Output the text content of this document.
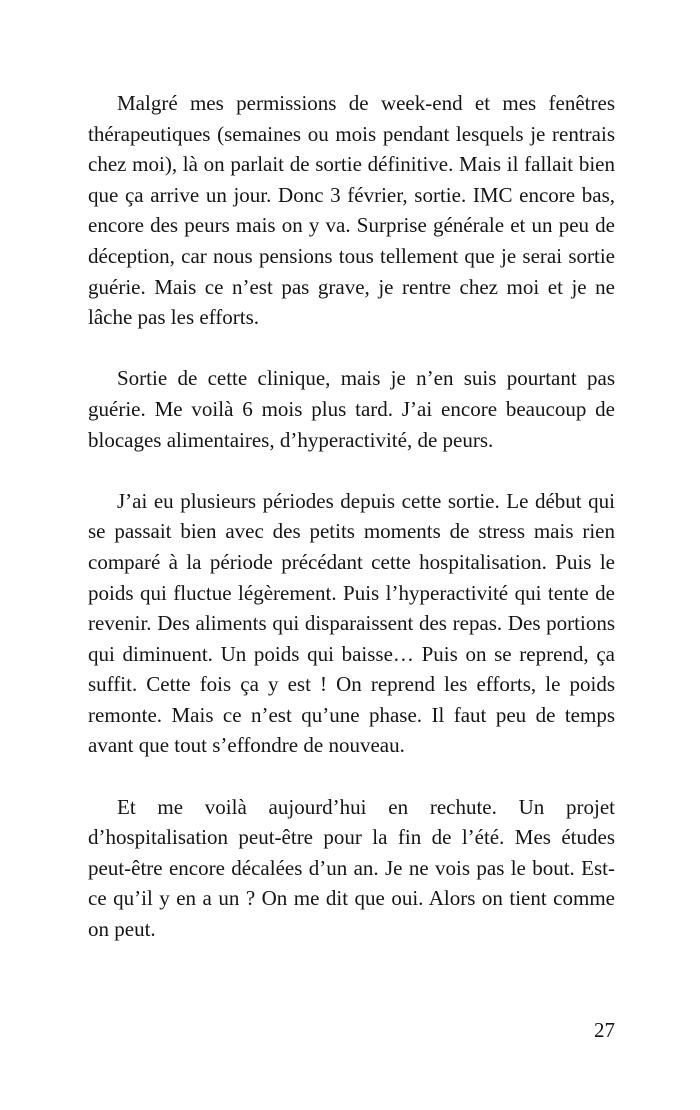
Malgré mes permissions de week-end et mes fenêtres thérapeutiques (semaines ou mois pendant lesquels je rentrais chez moi), là on parlait de sortie définitive. Mais il fallait bien que ça arrive un jour. Donc 3 février, sortie. IMC encore bas, encore des peurs mais on y va. Surprise générale et un peu de déception, car nous pensions tous tellement que je serai sortie guérie. Mais ce n’est pas grave, je rentre chez moi et je ne lâche pas les efforts.

Sortie de cette clinique, mais je n’en suis pourtant pas guérie. Me voilà 6 mois plus tard. J’ai encore beaucoup de blocages alimentaires, d’hyperactivité, de peurs.

J’ai eu plusieurs périodes depuis cette sortie. Le début qui se passait bien avec des petits moments de stress mais rien comparé à la période précédant cette hospitalisation. Puis le poids qui fluctue légèrement. Puis l’hyperactivité qui tente de revenir. Des aliments qui disparaissent des repas. Des portions qui diminuent. Un poids qui baisse… Puis on se reprend, ça suffit. Cette fois ça y est ! On reprend les efforts, le poids remonte. Mais ce n’est qu’une phase. Il faut peu de temps avant que tout s’effondre de nouveau.

Et me voilà aujourd’hui en rechute. Un projet d’hospitalisation peut-être pour la fin de l’été. Mes études peut-être encore décalées d’un an. Je ne vois pas le bout. Est-ce qu’il y en a un ? On me dit que oui. Alors on tient comme on peut.

27
